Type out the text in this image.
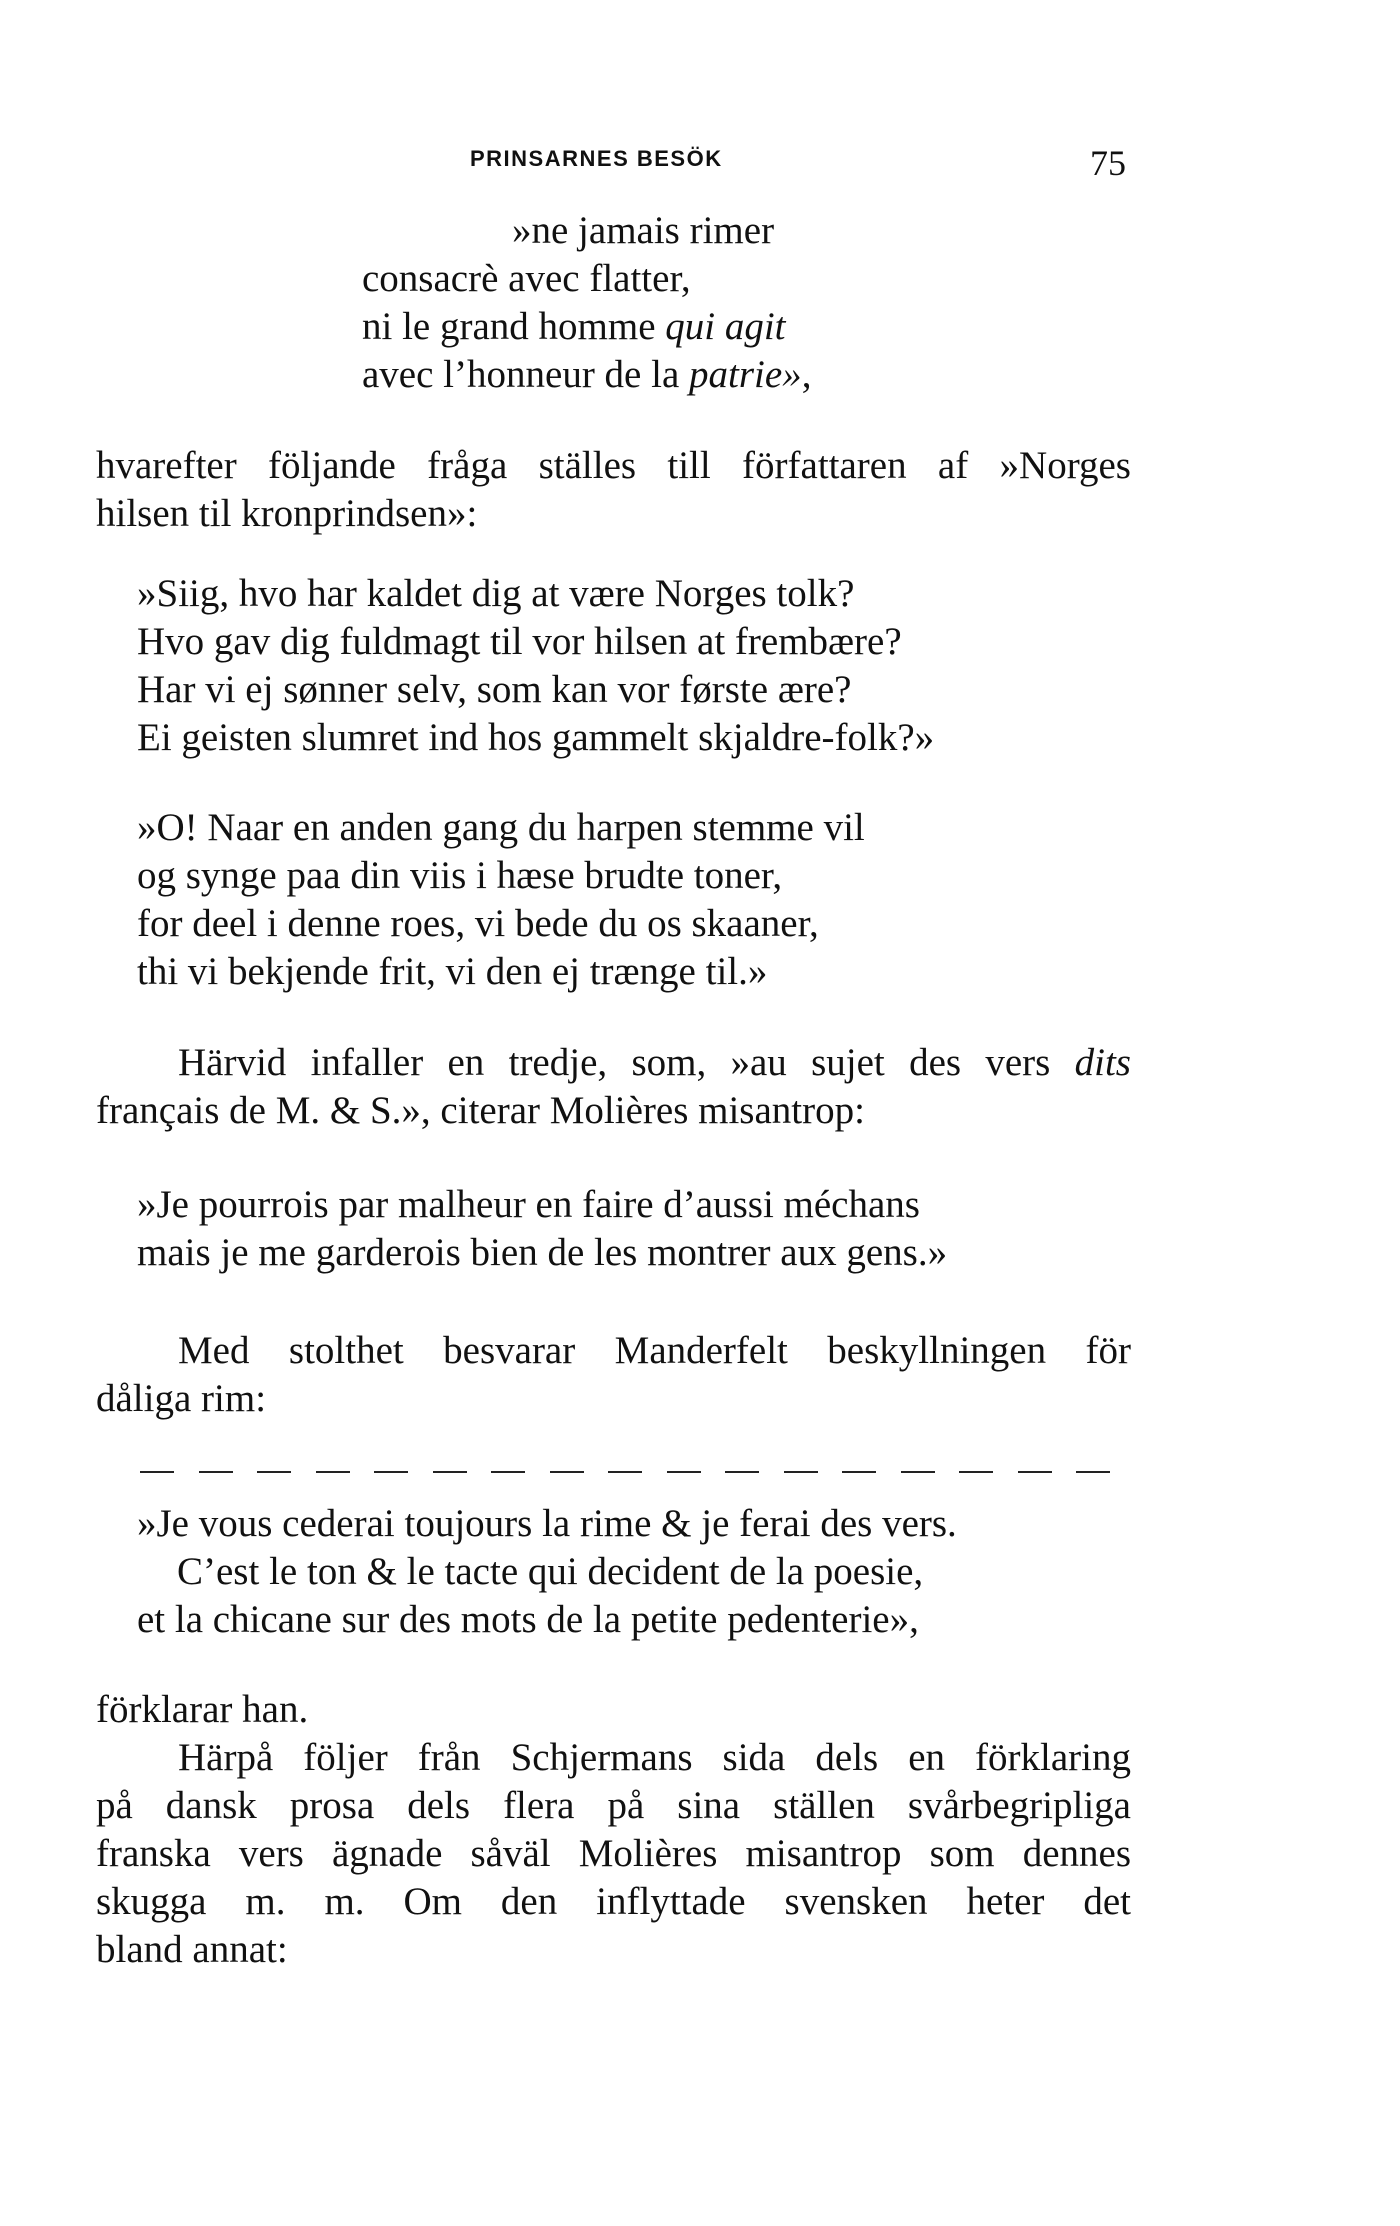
PRINSARNES BESÖK	75
»ne jamais rimer
consacrè avec flatter,
ni le grand homme qui agit
avec l’honneur de la patrie»,
hvarefter följande fråga ställes till författaren af »Norges
hilsen til kronprindsen»:
»Siig, hvo har kaldet dig at være Norges tolk?
Hvo gav dig fuldmagt til vor hilsen at frembære?
Har vi ej sønner selv, som kan vor første ære?
Ei geisten slumret ind hos gammelt skjaldre-folk?»
»O! Naar en anden gang du harpen stemme vil
og synge paa din viis i hæse brudte toner,
for deel i denne roes, vi bede du os skaaner,
thi vi bekjende frit, vi den ej trænge til.»
Härvid infaller en tredje, som, »au sujet des vers dits
français de M. & S.», citerar Molières misantrop:
»Je pourrois par malheur en faire d’aussi méchans
mais je me garderois bien de les montrer aux gens.»
Med stolthet besvarar Manderfelt beskyllningen för
dåliga rim:
»Je vous cederai toujours la rime & je ferai des vers.
C’est le ton & le tacte qui decident de la poesie,
et la chicane sur des mots de la petite pedenterie»,
förklarar han.
Härpå följer från Schjermans sida dels en förklaring
på dansk prosa dels flera på sina ställen svårbegripliga
franska vers ägnade såväl Molières misantrop som dennes
skugga m. m. Om den inflyttade svensken heter det
bland annat:
